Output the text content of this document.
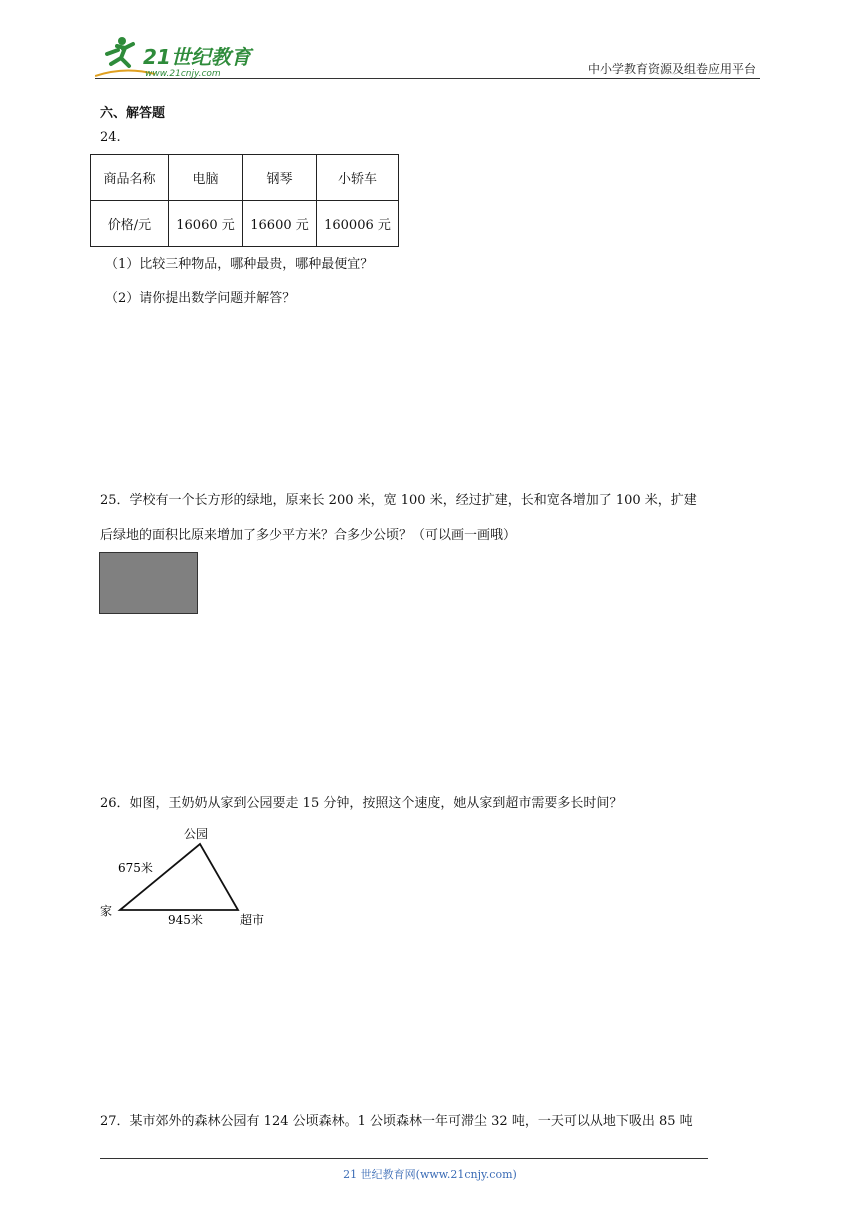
21世纪教育
www.21cnjy.com	中小学教育资源及组卷应用平台
六、解答题
24.
商品名称	电脑	钢琴	小轿车
价格/元	16060 元	16600 元	160006 元
（1）比较三种物品，哪种最贵，哪种最便宜？
（2）请你提出数学问题并解答？
25．学校有一个长方形的绿地，原来长 200 米，宽 100 米，经过扩建，长和宽各增加了 100 米，扩建
后绿地的面积比原来增加了多少平方米？合多少公顷？（可以画一画哦）
26．如图，王奶奶从家到公园要走 15 分钟，按照这个速度，她从家到超市需要多长时间？
公园
家
超市
675米
945米
27．某市郊外的森林公园有 124 公顷森林。1 公顷森林一年可滞尘 32 吨，一天可以从地下吸出 85 吨
21 世纪教育网(www.21cnjy.com)
